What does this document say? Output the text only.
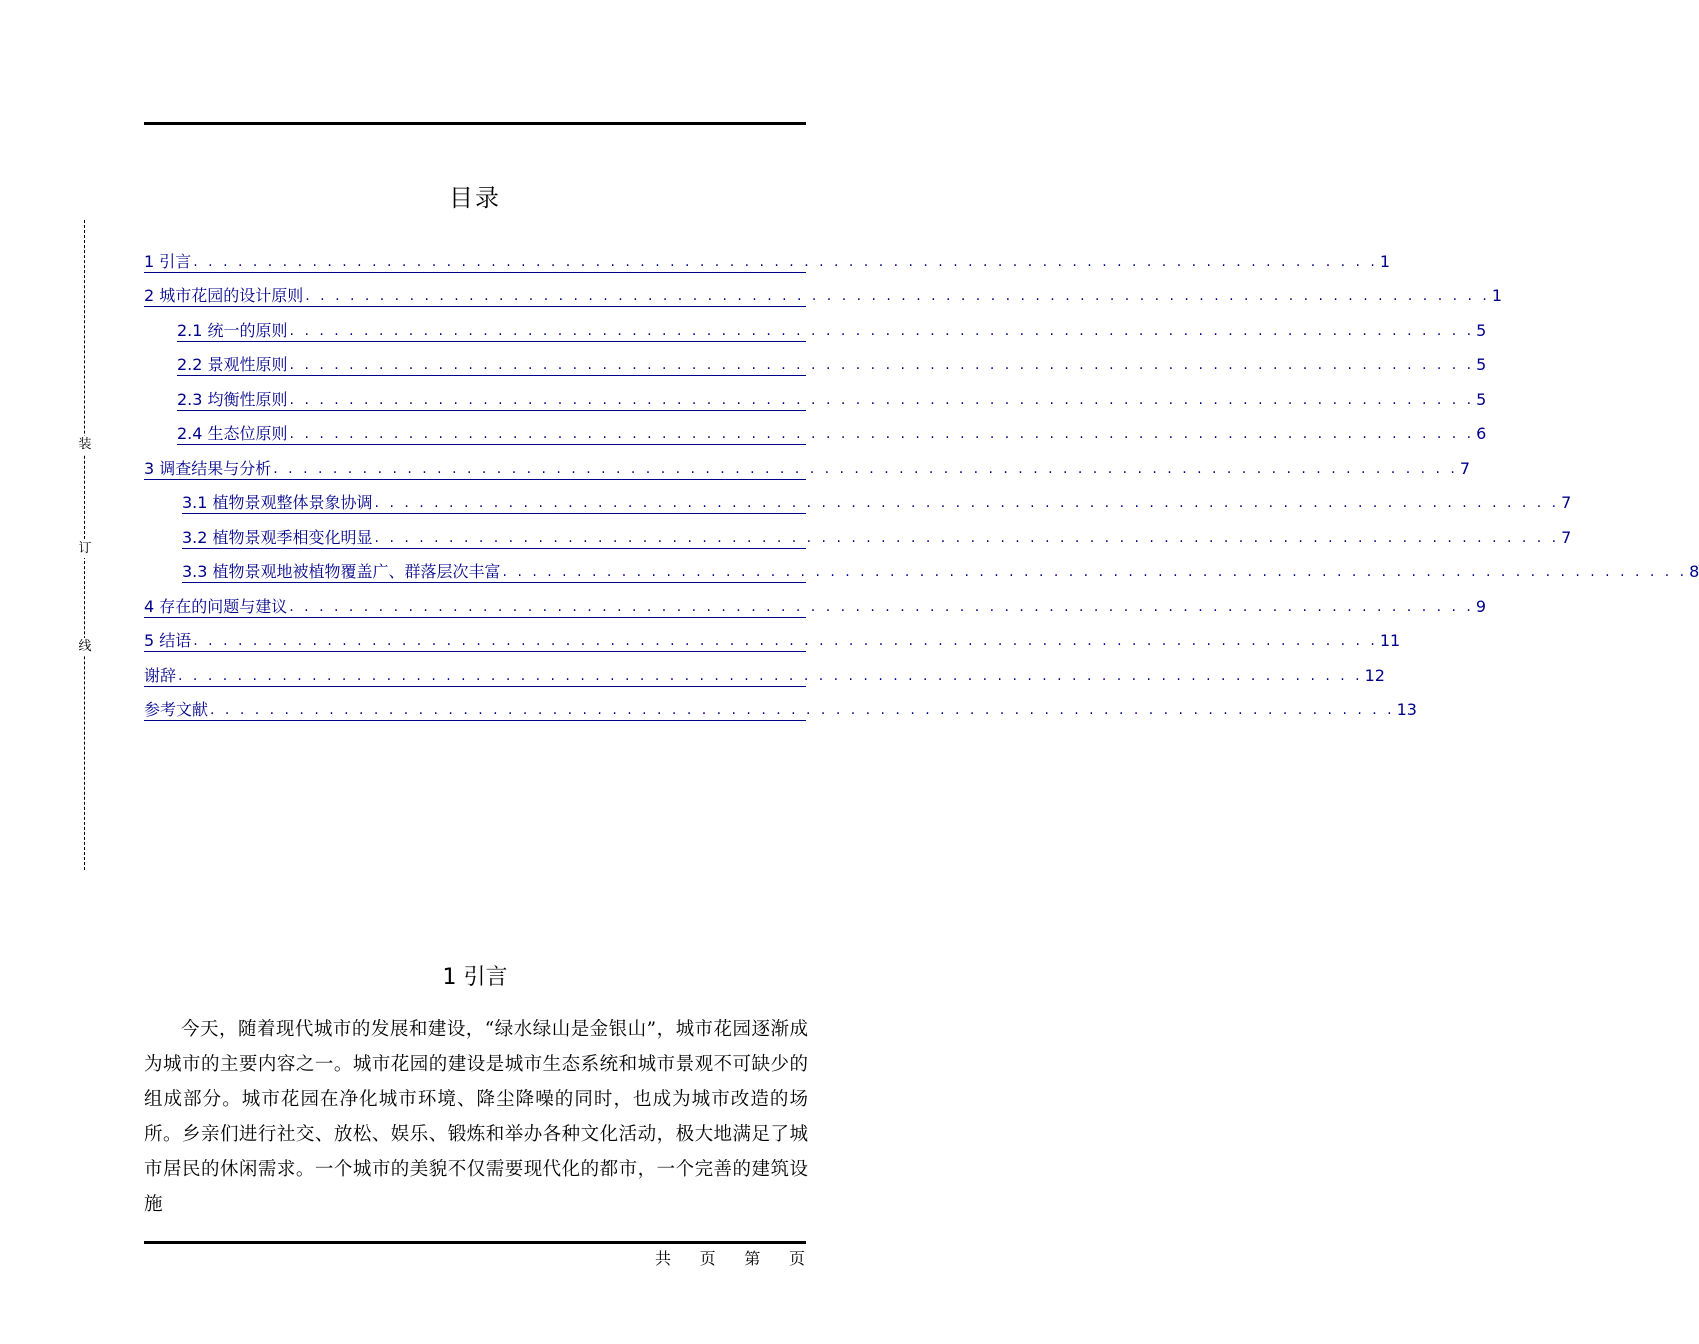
装
订
线
目录
1 引言 . . . . . . . . . . . . . . . . . . . . . . . . . . . . . . . . . . . . . . . . . . . . . . . . . . . . . . . . . . . . . . . . . . . . . . . . . . . . . . . . 1
2 城市花园的设计原则 . . . . . . . . . . . . . . . . . . . . . . . . . . . . . . . . . . . . . . . . . . . . . . . . . . . . . . . . . . . . . . . . . . . . . . . . . . . . . . . . 1
2.1 统一的原则 . . . . . . . . . . . . . . . . . . . . . . . . . . . . . . . . . . . . . . . . . . . . . . . . . . . . . . . . . . . . . . . . . . . . . . . . . . . . . . . . 5
2.2 景观性原则 . . . . . . . . . . . . . . . . . . . . . . . . . . . . . . . . . . . . . . . . . . . . . . . . . . . . . . . . . . . . . . . . . . . . . . . . . . . . . . . . 5
2.3 均衡性原则 . . . . . . . . . . . . . . . . . . . . . . . . . . . . . . . . . . . . . . . . . . . . . . . . . . . . . . . . . . . . . . . . . . . . . . . . . . . . . . . . 5
2.4 生态位原则 . . . . . . . . . . . . . . . . . . . . . . . . . . . . . . . . . . . . . . . . . . . . . . . . . . . . . . . . . . . . . . . . . . . . . . . . . . . . . . . . 6
3 调查结果与分析 . . . . . . . . . . . . . . . . . . . . . . . . . . . . . . . . . . . . . . . . . . . . . . . . . . . . . . . . . . . . . . . . . . . . . . . . . . . . . . . . 7
3.1 植物景观整体景象协调 . . . . . . . . . . . . . . . . . . . . . . . . . . . . . . . . . . . . . . . . . . . . . . . . . . . . . . . . . . . . . . . . . . . . . . . . . . . . . . . . 7
3.2 植物景观季相变化明显 . . . . . . . . . . . . . . . . . . . . . . . . . . . . . . . . . . . . . . . . . . . . . . . . . . . . . . . . . . . . . . . . . . . . . . . . . . . . . . . . 7
3.3 植物景观地被植物覆盖广、群落层次丰富 . . . . . . . . . . . . . . . . . . . . . . . . . . . . . . . . . . . . . . . . . . . . . . . . . . . . . . . . . . . . . . . . . . . . . . . . . . . . . . . . 8
4 存在的问题与建议 . . . . . . . . . . . . . . . . . . . . . . . . . . . . . . . . . . . . . . . . . . . . . . . . . . . . . . . . . . . . . . . . . . . . . . . . . . . . . . . . 9
5 结语 . . . . . . . . . . . . . . . . . . . . . . . . . . . . . . . . . . . . . . . . . . . . . . . . . . . . . . . . . . . . . . . . . . . . . . . . . . . . . . . . 11
谢辞 . . . . . . . . . . . . . . . . . . . . . . . . . . . . . . . . . . . . . . . . . . . . . . . . . . . . . . . . . . . . . . . . . . . . . . . . . . . . . . . . 12
参考文献 . . . . . . . . . . . . . . . . . . . . . . . . . . . . . . . . . . . . . . . . . . . . . . . . . . . . . . . . . . . . . . . . . . . . . . . . . . . . . . . . 13
1 引言

今天，随着现代城市的发展和建设，“绿水绿山是金银山”，城市花园逐渐成为城市的主要内容之一。城市花园的建设是城市生态系统和城市景观不可缺少的组成部分。城市花园在净化城市环境、降尘降噪的同时，也成为城市改造的场所。乡亲们进行社交、放松、娱乐、锻炼和举办各种文化活动，极大地满足了城市居民的休闲需求。一个城市的美貌不仅需要现代化的都市，一个完善的建筑设施

共 页 第 页
